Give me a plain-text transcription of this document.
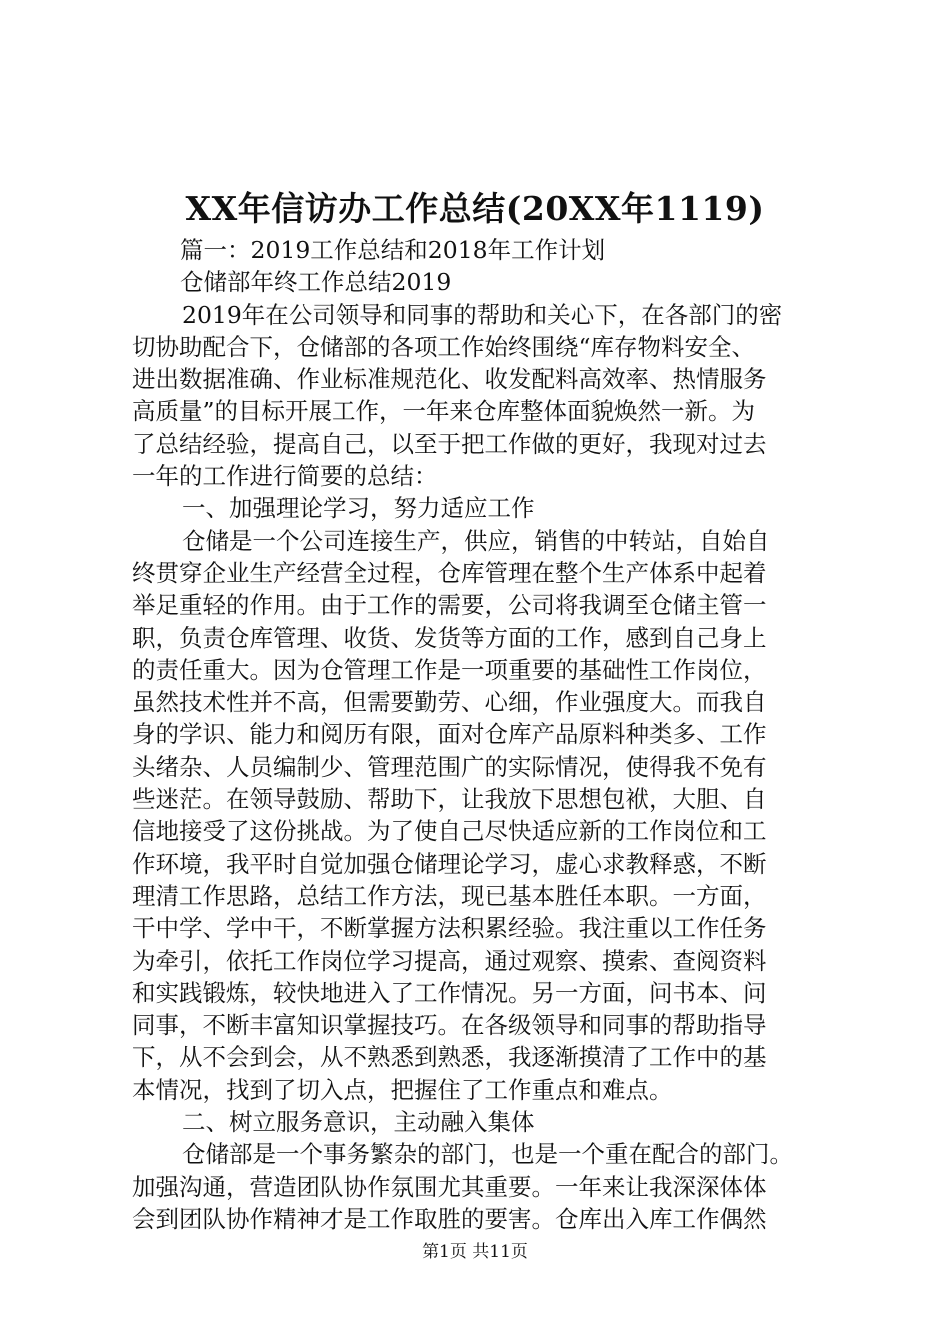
XX年信访办工作总结(20XX年1119)
篇一：2019工作总结和2018年工作计划
仓储部年终工作总结2019
2019年在公司领导和同事的帮助和关心下，在各部门的密
切协助配合下，仓储部的各项工作始终围绕“库存物料安全、
进出数据准确、作业标准规范化、收发配料高效率、热情服务
高质量”的目标开展工作，一年来仓库整体面貌焕然一新。为
了总结经验，提高自己，以至于把工作做的更好，我现对过去
一年的工作进行简要的总结：
一、加强理论学习，努力适应工作
仓储是一个公司连接生产，供应，销售的中转站，自始自
终贯穿企业生产经营全过程，仓库管理在整个生产体系中起着
举足重轻的作用。由于工作的需要，公司将我调至仓储主管一
职，负责仓库管理、收货、发货等方面的工作，感到自己身上
的责任重大。因为仓管理工作是一项重要的基础性工作岗位，
虽然技术性并不高，但需要勤劳、心细，作业强度大。而我自
身的学识、能力和阅历有限，面对仓库产品原料种类多、工作
头绪杂、人员编制少、管理范围广的实际情况，使得我不免有
些迷茫。在领导鼓励、帮助下，让我放下思想包袱，大胆、自
信地接受了这份挑战。为了使自己尽快适应新的工作岗位和工
作环境，我平时自觉加强仓储理论学习，虚心求教释惑，不断
理清工作思路，总结工作方法，现已基本胜任本职。一方面，
干中学、学中干，不断掌握方法积累经验。我注重以工作任务
为牵引，依托工作岗位学习提高，通过观察、摸索、查阅资料
和实践锻炼，较快地进入了工作情况。另一方面，问书本、问
同事，不断丰富知识掌握技巧。在各级领导和同事的帮助指导
下，从不会到会，从不熟悉到熟悉，我逐渐摸清了工作中的基
本情况，找到了切入点，把握住了工作重点和难点。
二、树立服务意识，主动融入集体
仓储部是一个事务繁杂的部门，也是一个重在配合的部门。
加强沟通，营造团队协作氛围尤其重要。一年来让我深深体体
会到团队协作精神才是工作取胜的要害。仓库出入库工作偶然
第1页 共11页
